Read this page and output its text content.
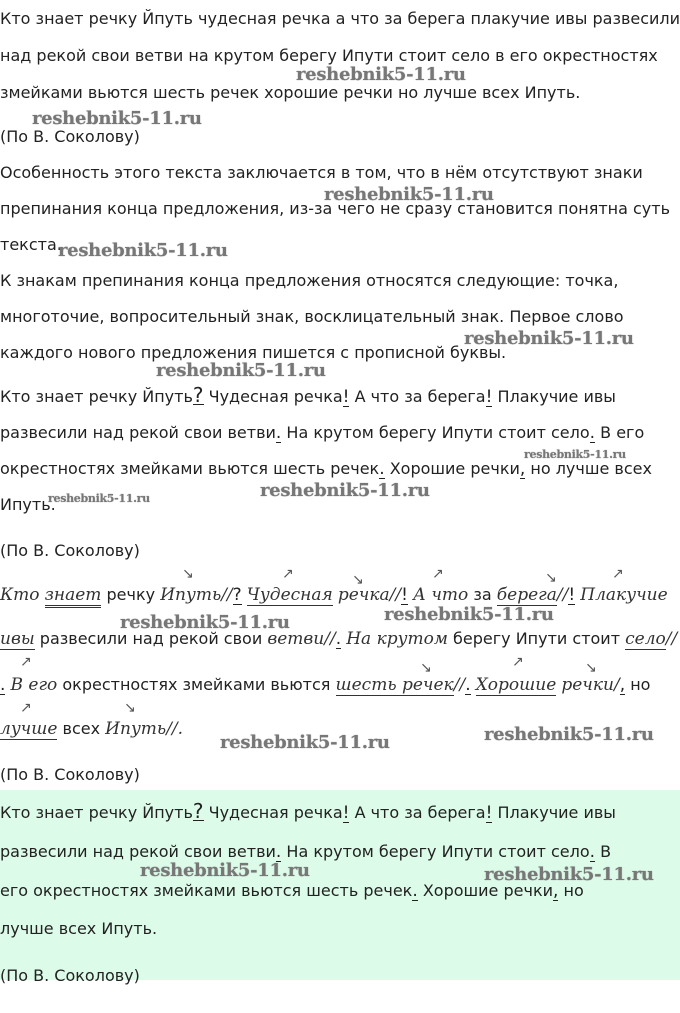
Кто знает речку Йпуть чудесная речка а что за берега плакучие ивы развесили
над рекой свои ветви на крутом берегу Ипути стоит село в его окрестностях
змейками вьются шесть речек хорошие речки но лучше всех Ипуть.
(По В. Соколову)
Особенность этого текста заключается в том, что в нём отсутствуют знаки
препинания конца предложения, из-за чего не сразу становится понятна суть
текста.
К знакам препинания конца предложения относятся следующие: точка,
многоточие, вопросительный знак, восклицательный знак. Первое слово
каждого нового предложения пишется с прописной буквы.
Кто знает речку Йпуть? Чудесная речка! А что за берега! Плакучие ивы
развесили над рекой свои ветви. На крутом берегу Ипути стоит село. В его
окрестностях змейками вьются шесть речек. Хорошие речки, но лучше всех
Ипуть.
(По В. Соколову)
↘	↗	↘	↗	↘	↗
Кто знает речку Ипуть//? Чудесная речка//! А что за берега//! Плакучие
↗
ивы развесили над рекой свои ветви//. На крутом берегу Ипути стоит село//
↘	↗	↘
. В его окрестностях змейками вьются шесть речек//. Хорошие речки/, но
↗	↘
лучше всех Ипуть//.
(По В. Соколову)
Кто знает речку Йпуть? Чудесная речка! А что за берега! Плакучие ивы
развесили над рекой свои ветви. На крутом берегу Ипути стоит село. В
его окрестностях змейками вьются шесть речек. Хорошие речки, но
лучше всех Ипуть.
(По В. Соколову)
reshebnik5-11.ru
reshebnik5-11.ru
reshebnik5-11.ru
reshebnik5-11.ru
reshebnik5-11.ru
reshebnik5-11.ru
reshebnik5-11.ru
reshebnik5-11.ru
reshebnik5-11.ru
reshebnik5-11.ru	reshebnik5-11.ru
reshebnik5-11.ru
reshebnik5-11.ru
reshebnik5-11.ru	reshebnik5-11.ru
